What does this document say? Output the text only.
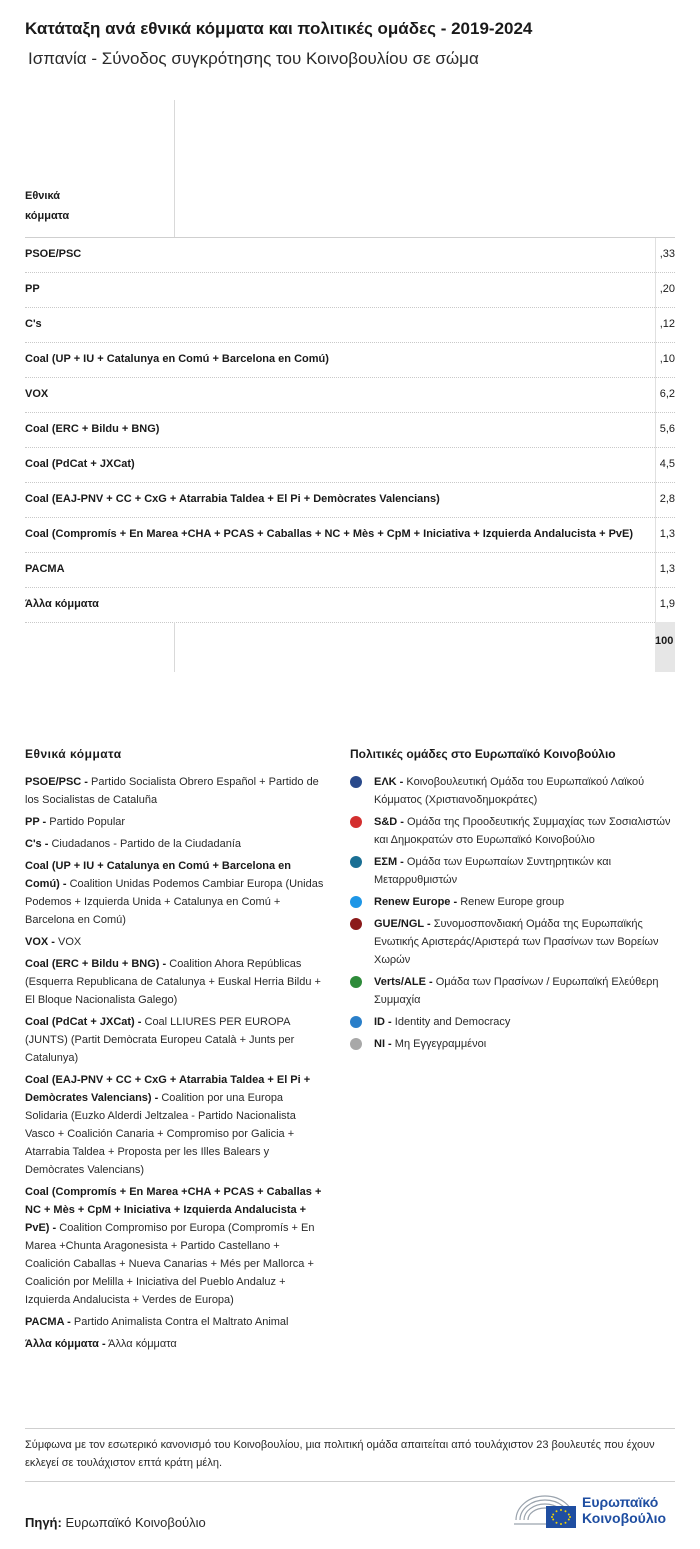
Κατάταξη ανά εθνικά κόμματα και πολιτικές ομάδες - 2019-2024
Ισπανία - Σύνοδος συγκρότησης του Κοινοβουλίου σε σώμα
Εθνικά
κόμματα
PSOE/PSC	33,
PP	20,
C's	12,
Coal (UP + IU + Catalunya en Comú + Barcelona en Comú)	10,
VOX	6,2
Coal (ERC + Bildu + BNG)	5,6
Coal (PdCat + JXCat)	4,5
Coal (EAJ-PNV + CC + CxG + Atarrabia Taldea + El Pi + Demòcrates Valencians)	2,8
Coal (Compromís + En Marea +CHA + PCAS + Caballas + NC + Mès + CpM + Iniciativa + Izquierda Andalucista + PvE) 1,3
PACMA	1,3
Άλλα κόμματα	1,9
100
Εθνικά κόμματα
PSOE/PSC - Partido Socialista Obrero Español + Partido de los Socialistas de Cataluña
PP - Partido Popular
C's - Ciudadanos - Partido de la Ciudadanía
Coal (UP + IU + Catalunya en Comú + Barcelona en Comú) - Coalition Unidas Podemos Cambiar Europa (Unidas Podemos + Izquierda Unida + Catalunya en Comú + Barcelona en Comú)
VOX - VOX
Coal (ERC + Bildu + BNG) - Coalition Ahora Repúblicas (Esquerra Republicana de Catalunya + Euskal Herria Bildu + El Bloque Nacionalista Galego)
Coal (PdCat + JXCat) - Coal LLIURES PER EUROPA (JUNTS) (Partit Demòcrata Europeu Català + Junts per Catalunya)
Coal (EAJ-PNV + CC + CxG + Atarrabia Taldea + El Pi + Demòcrates Valencians) - Coalition por una Europa Solidaria (Euzko Alderdi Jeltzalea - Partido Nacionalista Vasco + Coalición Canaria + Compromiso por Galicia + Atarrabia Taldea + Proposta per les Illes Balears y Demòcrates Valencians)
Coal (Compromís + En Marea +CHA + PCAS + Caballas + NC + Mès + CpM + Iniciativa + Izquierda Andalucista + PvE) - Coalition Compromiso por Europa (Compromís + En Marea +Chunta Aragonesista + Partido Castellano + Coalición Caballas + Nueva Canarias + Més per Mallorca + Coalición por Melilla + Iniciativa del Pueblo Andaluz + Izquierda Andalucista + Verdes de Europa)
PACMA - Partido Animalista Contra el Maltrato Animal
Άλλα κόμματα - Άλλα κόμματα
Πολιτικές ομάδες στο Ευρωπαϊκό Κοινοβούλιο
ΕΛΚ - Κοινοβουλευτική Ομάδα του Ευρωπαϊκού Λαϊκού Κόμματος (Χριστιανοδημοκράτες)
S&D - Ομάδα της Προοδευτικής Συμμαχίας των Σοσιαλιστών και Δημοκρατών στο Ευρωπαϊκό Κοινοβούλιο
ΕΣΜ - Ομάδα των Ευρωπαίων Συντηρητικών και Μεταρρυθμιστών
Renew Europe - Renew Europe group
GUE/NGL - Συνομοσπονδιακή Ομάδα της Ευρωπαϊκής Ενωτικής Αριστεράς/Αριστερά των Πρασίνων των Βορείων Χωρών
Verts/ALE - Ομάδα των Πρασίνων / Ευρωπαϊκή Ελεύθερη Συμμαχία
ID - Identity and Democracy
NI - Μη Εγγεγραμμένοι
Σύμφωνα με τον εσωτερικό κανονισμό του Κοινοβουλίου, μια πολιτική ομάδα απαιτείται από τουλάχιστον 23 βουλευτές που έχουν εκλεγεί σε τουλάχιστον επτά κράτη μέλη.
Πηγή: Ευρωπαϊκό Κοινοβούλιο
Ευρωπαϊκό
Κοινοβούλιο
